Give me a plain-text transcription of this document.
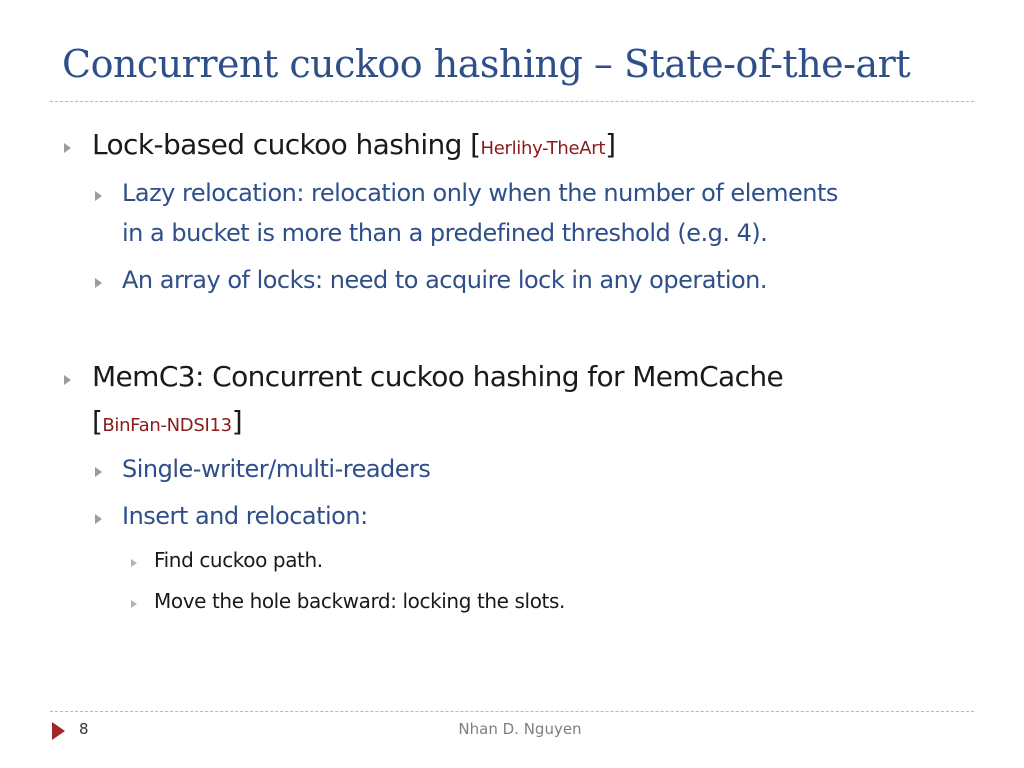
Concurrent cuckoo hashing – State-of-the-art
Lock-based cuckoo hashing [Herlihy-TheArt]
Lazy relocation: relocation only when the number of elements
in a bucket is more than a predefined threshold (e.g. 4).
An array of locks: need to acquire lock in any operation.
MemC3: Concurrent cuckoo hashing for MemCache
[BinFan-NDSI13]
Single-writer/multi-readers
Insert and relocation:
Find cuckoo path.
Move the hole backward: locking the slots.
8	Nhan D. Nguyen
